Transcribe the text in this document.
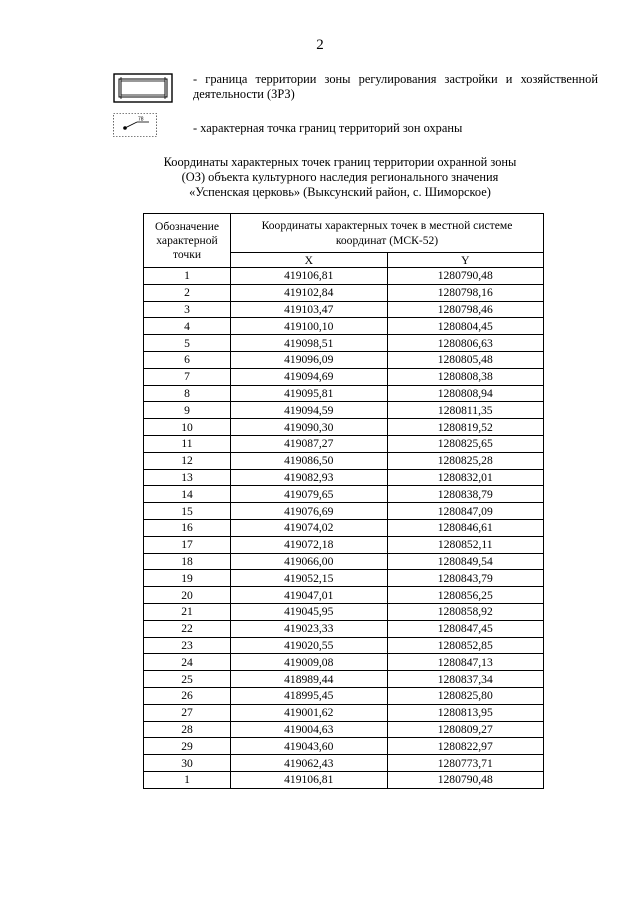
2
78
- граница территории зоны регулирования застройки и хозяйственной деятельности (ЗРЗ)
- характерная точка границ территорий зон охраны
Координаты характерных точек границ территории охранной зоны
(ОЗ) объекта культурного наследия регионального значения
«Успенская церковь» (Выксунский район, с. Шиморское)
Обозначение характерной точки	Координаты характерных точек в местной системе координат (МСК-52)	
	X	Y
1	419106,81	1280790,48
2	419102,84	1280798,16
3	419103,47	1280798,46
4	419100,10	1280804,45
5	419098,51	1280806,63
6	419096,09	1280805,48
7	419094,69	1280808,38
8	419095,81	1280808,94
9	419094,59	1280811,35
10	419090,30	1280819,52
11	419087,27	1280825,65
12	419086,50	1280825,28
13	419082,93	1280832,01
14	419079,65	1280838,79
15	419076,69	1280847,09
16	419074,02	1280846,61
17	419072,18	1280852,11
18	419066,00	1280849,54
19	419052,15	1280843,79
20	419047,01	1280856,25
21	419045,95	1280858,92
22	419023,33	1280847,45
23	419020,55	1280852,85
24	419009,08	1280847,13
25	418989,44	1280837,34
26	418995,45	1280825,80
27	419001,62	1280813,95
28	419004,63	1280809,27
29	419043,60	1280822,97
30	419062,43	1280773,71
1	419106,81	1280790,48
